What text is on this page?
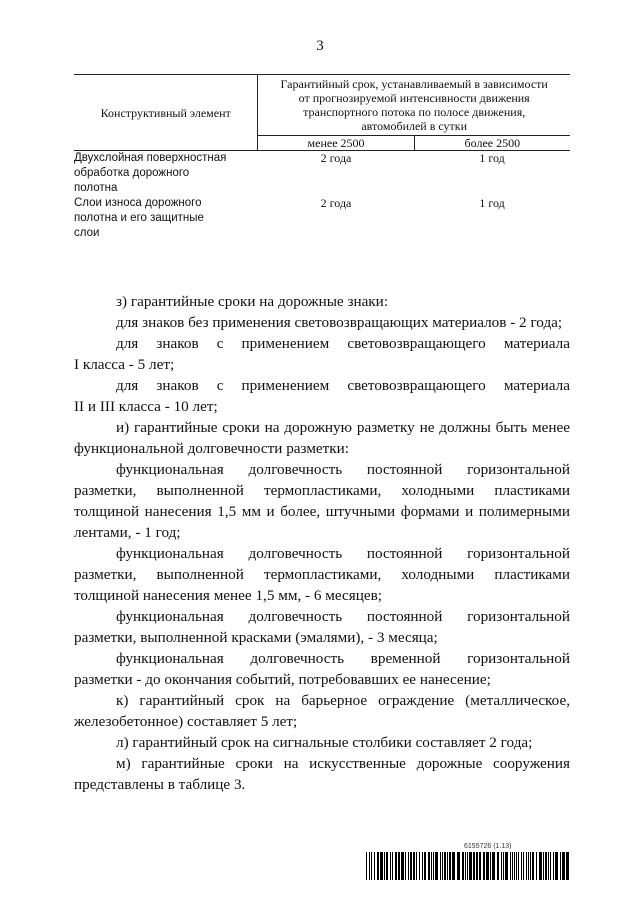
3
Конструктивный элемент	Гарантийный срок, устанавливаемый в зависимости
от прогнозируемой интенсивности движения
транспортного потока по полосе движения,
автомобилей в сутки	

	менее 2500	более 2500

Двухслойная поверхностная
обработка дорожного
полотна	2 года	1 год

Слои износа дорожного
полотна и его защитные
слои	2 года	1 год

з) гарантийные сроки на дорожные знаки:

для знаков без применения световозвращающих материалов - 2 года;

для знаков с применением световозвращающего материала

I класса - 5 лет;

для знаков с применением световозвращающего материала

II и III класса - 10 лет;

и) гарантийные сроки на дорожную разметку не должны быть менее

функциональной долговечности разметки:

функциональная долговечность постоянной горизонтальной

разметки, выполненной термопластиками, холодными пластиками

толщиной нанесения 1,5 мм и более, штучными формами и полимерными

лентами, - 1 год;

функциональная долговечность постоянной горизонтальной

разметки, выполненной термопластиками, холодными пластиками

толщиной нанесения менее 1,5 мм, - 6 месяцев;

функциональная долговечность постоянной горизонтальной

разметки, выполненной красками (эмалями), - 3 месяца;

функциональная долговечность временной горизонтальной

разметки - до окончания событий, потребовавших ее нанесение;

к) гарантийный срок на барьерное ограждение (металлическое,

железобетонное) составляет 5 лет;

л) гарантийный срок на сигнальные столбики составляет 2 года;

м) гарантийные сроки на искусственные дорожные сооружения

представлены в таблице 3.

6155726 (1.13)
